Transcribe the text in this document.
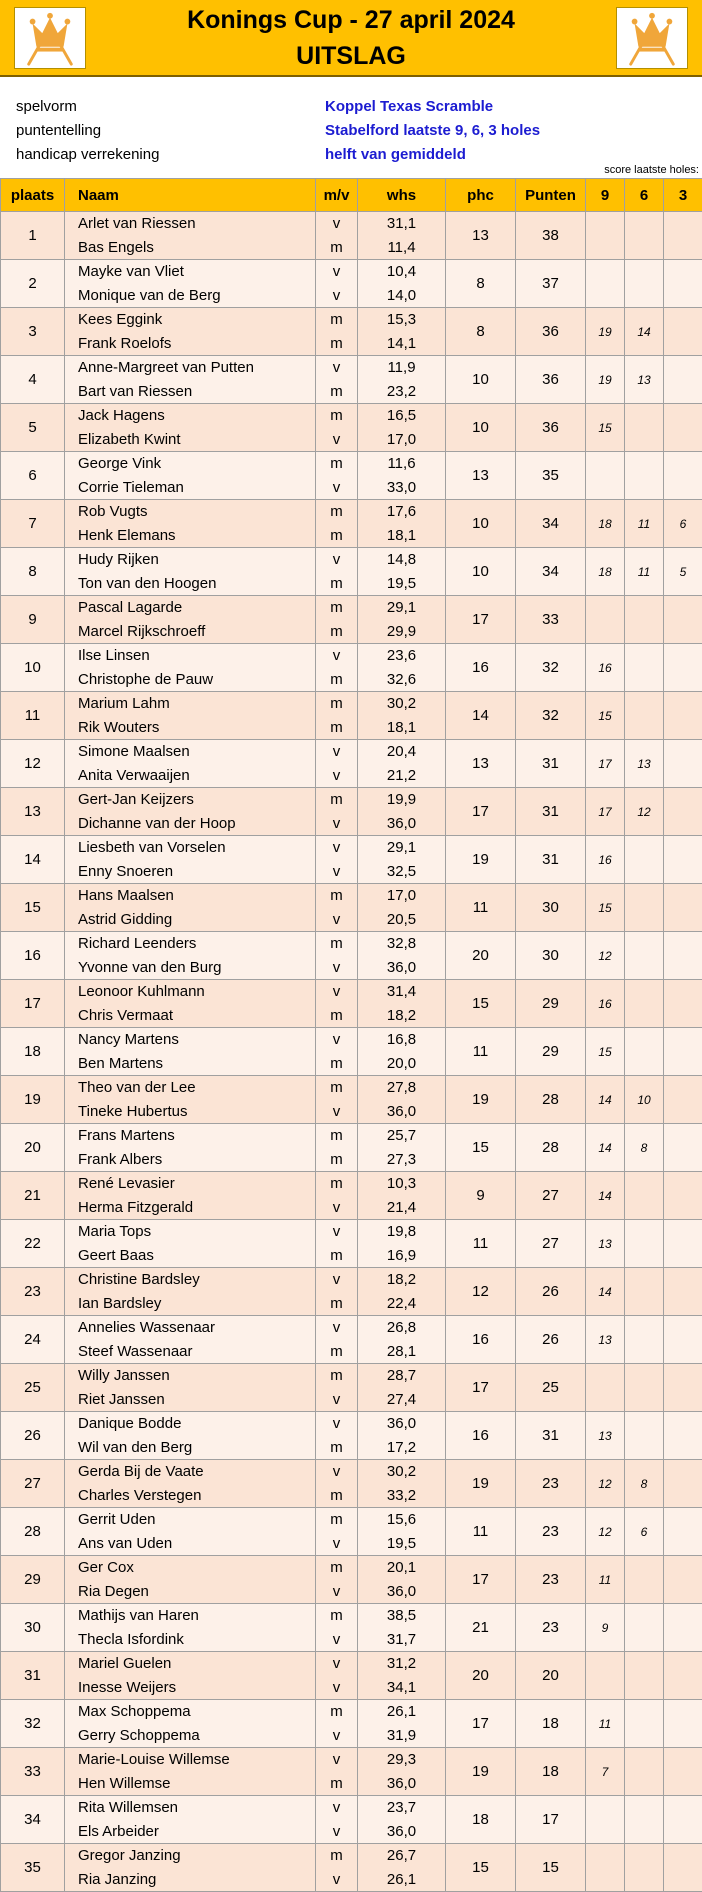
Konings Cup - 27 april 2024
UITSLAG
spelvorm	Koppel Texas Scramble
puntentelling	Stabelford laatste 9, 6, 3 holes
handicap verrekening	helft van gemiddeld
score laatste holes:
plaats	Naam	m/v	whs	phc	Punten	9	6	3
1	Arlet van Riessen	v	31,1	13	38			
	Bas Engels	m	11,4					
2	Mayke van Vliet	v	10,4	8	37			
	Monique van de Berg	v	14,0					
3	Kees Eggink	m	15,3	8	36	19	14	
	Frank Roelofs	m	14,1					
4	Anne-Margreet van Putten	v	11,9	10	36	19	13	
	Bart van Riessen	m	23,2					
5	Jack Hagens	m	16,5	10	36	15		
	Elizabeth Kwint	v	17,0					
6	George Vink	m	11,6	13	35			
	Corrie Tieleman	v	33,0					
7	Rob Vugts	m	17,6	10	34	18	11	6
	Henk Elemans	m	18,1					
8	Hudy Rijken	v	14,8	10	34	18	11	5
	Ton van den Hoogen	m	19,5					
9	Pascal Lagarde	m	29,1	17	33			
	Marcel Rijkschroeff	m	29,9					
10	Ilse Linsen	v	23,6	16	32	16		
	Christophe de Pauw	m	32,6					
11	Marium Lahm	m	30,2	14	32	15		
	Rik Wouters	m	18,1					
12	Simone Maalsen	v	20,4	13	31	17	13	
	Anita Verwaaijen	v	21,2					
13	Gert-Jan Keijzers	m	19,9	17	31	17	12	
	Dichanne van der Hoop	v	36,0					
14	Liesbeth van Vorselen	v	29,1	19	31	16		
	Enny Snoeren	v	32,5					
15	Hans Maalsen	m	17,0	11	30	15		
	Astrid Gidding	v	20,5					
16	Richard Leenders	m	32,8	20	30	12		
	Yvonne van den Burg	v	36,0					
17	Leonoor Kuhlmann	v	31,4	15	29	16		
	Chris Vermaat	m	18,2					
18	Nancy Martens	v	16,8	11	29	15		
	Ben Martens	m	20,0					
19	Theo van der Lee	m	27,8	19	28	14	10	
	Tineke Hubertus	v	36,0					
20	Frans Martens	m	25,7	15	28	14	8	
	Frank Albers	m	27,3					
21	René Levasier	m	10,3	9	27	14		
	Herma Fitzgerald	v	21,4					
22	Maria Tops	v	19,8	11	27	13		
	Geert Baas	m	16,9					
23	Christine Bardsley	v	18,2	12	26	14		
	Ian Bardsley	m	22,4					
24	Annelies Wassenaar	v	26,8	16	26	13		
	Steef Wassenaar	m	28,1					
25	Willy Janssen	m	28,7	17	25			
	Riet Janssen	v	27,4					
26	Danique Bodde	v	36,0	16	31	13		
	Wil van den Berg	m	17,2					
27	Gerda Bij de Vaate	v	30,2	19	23	12	8	
	Charles Verstegen	m	33,2					
28	Gerrit Uden	m	15,6	11	23	12	6	
	Ans van Uden	v	19,5					
29	Ger Cox	m	20,1	17	23	11		
	Ria Degen	v	36,0					
30	Mathijs van Haren	m	38,5	21	23	9		
	Thecla Isfordink	v	31,7					
31	Mariel Guelen	v	31,2	20	20			
	Inesse Weijers	v	34,1					
32	Max Schoppema	m	26,1	17	18	11		
	Gerry Schoppema	v	31,9					
33	Marie-Louise Willemse	v	29,3	19	18	7		
	Hen Willemse	m	36,0					
34	Rita Willemsen	v	23,7	18	17			
	Els Arbeider	v	36,0					
35	Gregor Janzing	m	26,7	15	15			
	Ria Janzing	v	26,1					
